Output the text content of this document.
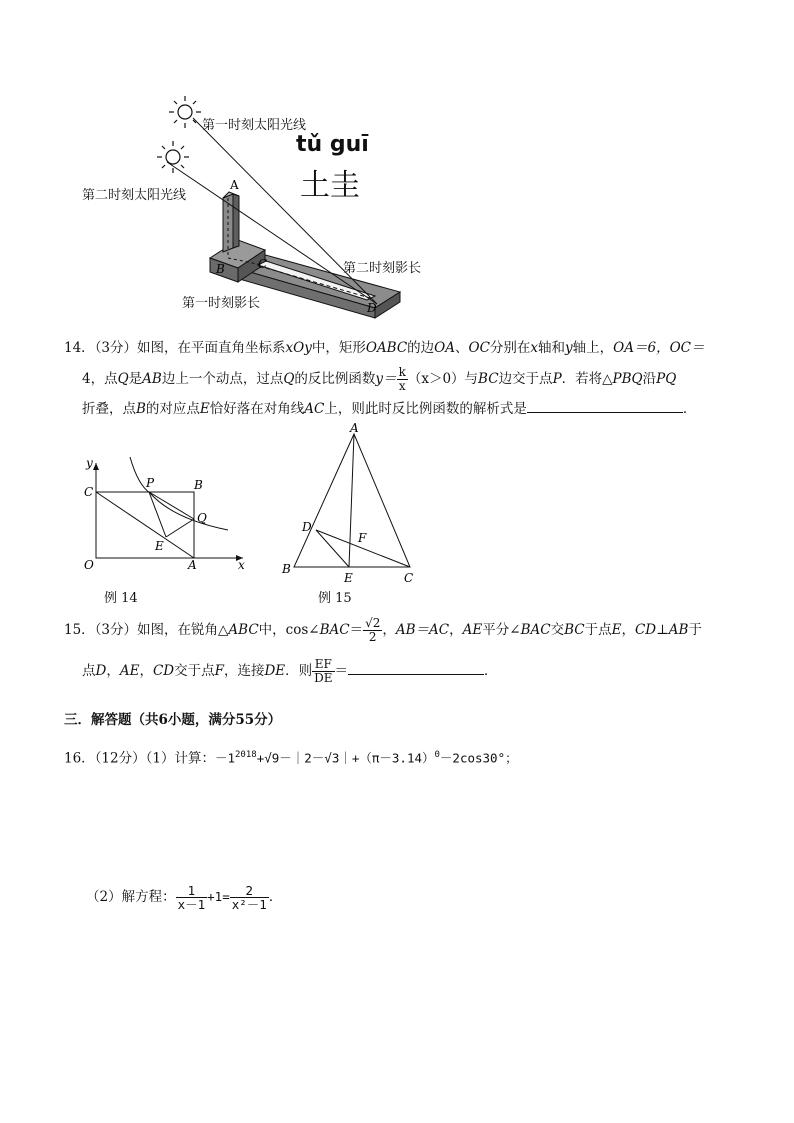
A
B	C
D
第一时刻太阳光线
第二时刻太阳光线
第二时刻影长
第一时刻影长
tǔ guī
土圭
14．（3分）如图，在平面直角坐标系xOy中，矩形OABC的边OA、OC分别在x轴和y轴上，OA＝6，OC＝
4，点Q是AB边上一个动点，过点Q的反比例函数$y= \frac{k}{x} (x>0)$与BC边交于点P．若将△PBQ沿PQ
折叠，点B的对应点E恰好落在对角线AC上，则此时反比例函数的解析式是	．
y
x
C
P	B
Q
E
O	A
例 14
A
D
F
B
E	C
例 15
15．（3分）如图，在锐角△ABC中，cos∠BAC＝ $\frac{√2}{2}$ ，AB＝AC，AE平分∠BAC交BC于点E，CD⊥AB于
点D，AE，CD交于点F，连接DE．则 $\frac{EF}{DE}$ ＝	．
三．解答题（共6小题，满分55分）
16．（12分）（1）计算：$-1^{2018}+√9-|2-√3|+(\pi-3.14)^0-2\cos 30^\circ$；
（2）解方程： $\frac{1}{x-1} +1= \frac{2}{\text{x²－1}}$ ．
